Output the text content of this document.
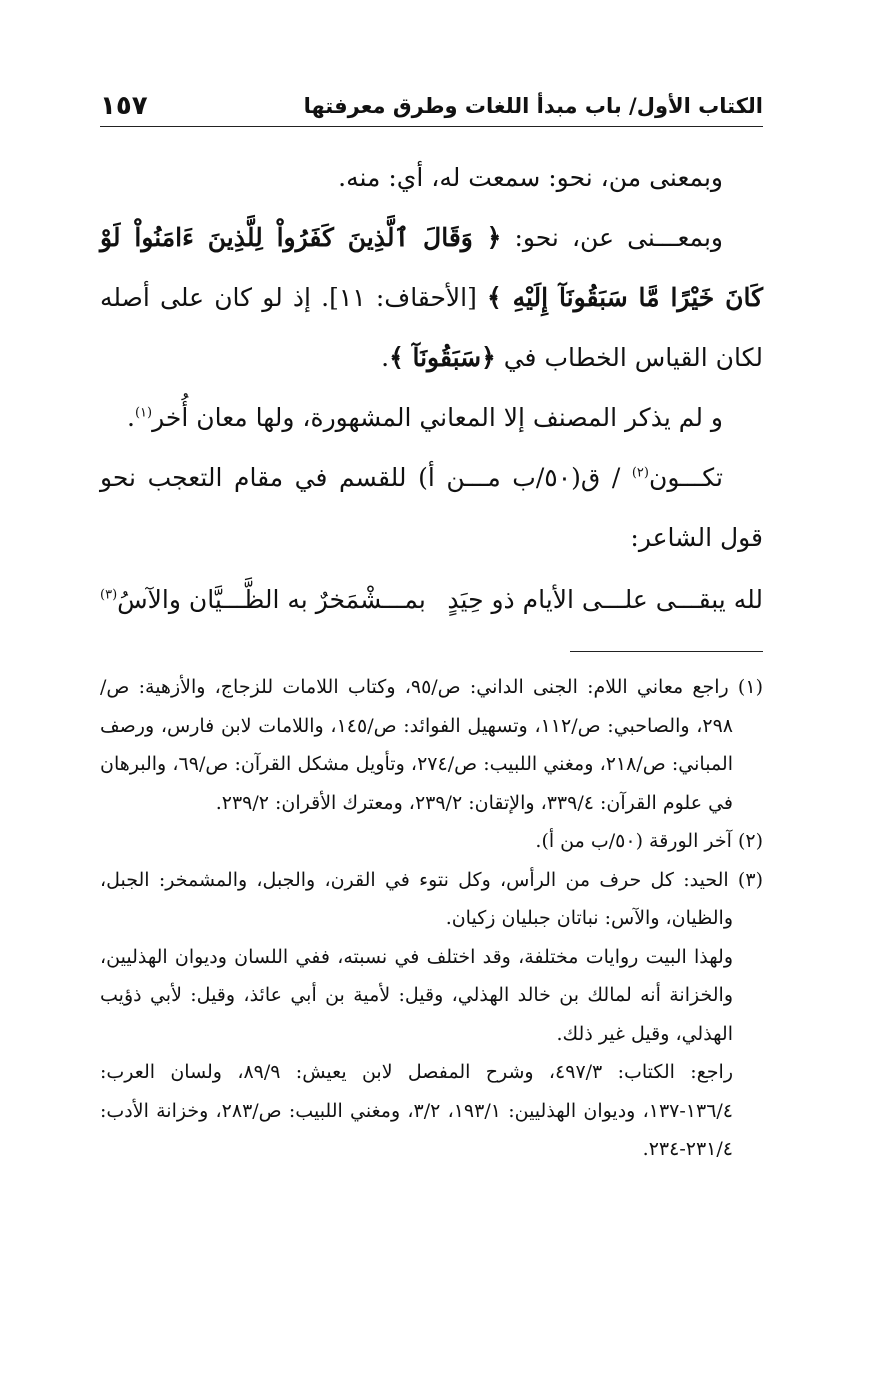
الكتاب الأول/ باب مبدأ اللغات وطرق معرفتها
١٥٧

وبمعنى من، نحو: سمعت له، أي: منه.

وبمعـــنى عن، نحو: ﴿ وَقَالَ ٱلَّذِينَ كَفَرُواْ لِلَّذِينَ ءَامَنُواْ لَوْ كَانَ خَيْرًا مَّا سَبَقُونَآ إِلَيْهِ ﴾ [الأحقاف: ١١]. إذ لو كان على أصله لكان القياس الخطاب في ﴿سَبَقُونَآ ﴾.

و لم يذكر المصنف إلا المعاني المشهورة، ولها معان أُخر$^{(١)}$.

تكـــون$^{(٢)}$ / ق(٥٠/ب مـــن أ) للقسم في مقام التعجب نحو قول الشاعر:

لله يبقـــى علـــى الأيام ذو حِيَدٍ
بمـــشْمَخرٌ به الظَّـــيَّان والآسُ$^{(٣)}$

(١) راجع معاني اللام: الجنى الداني: ص/٩٥، وكتاب اللامات للزجاج، والأزهية: ص/٢٩٨، والصاحبي: ص/١١٢، وتسهيل الفوائد: ص/١٤٥، واللامات لابن فارس، ورصف المباني: ص/٢١٨، ومغني اللبيب: ص/٢٧٤، وتأويل مشكل القرآن: ص/٦٩، والبرهان في علوم القرآن: ٣٣٩/٤، والإتقان: ٢٣٩/٢، ومعترك الأقران: ٢٣٩/٢.

(٢) آخر الورقة (٥٠/ب من أ).

(٣) الحيد: كل حرف من الرأس، وكل نتوء في القرن، والجبل، والمشمخر: الجبل، والظيان، والآس: نباتان جبليان زكيان.

ولهذا البيت روايات مختلفة، وقد اختلف في نسبته، ففي اللسان وديوان الهذليين، والخزانة أنه لمالك بن خالد الهذلي، وقيل: لأمية بن أبي عائذ، وقيل: لأبي ذؤيب الهذلي، وقيل غير ذلك.

راجع: الكتاب: ٤٩٧/٣، وشرح المفصل لابن يعيش: ٨٩/٩، ولسان العرب: ١٣٦/٤-١٣٧، وديوان الهذليين: ١٩٣/١، ٣/٢، ومغني اللبيب: ص/٢٨٣، وخزانة الأدب: ٢٣١/٤-٢٣٤.
